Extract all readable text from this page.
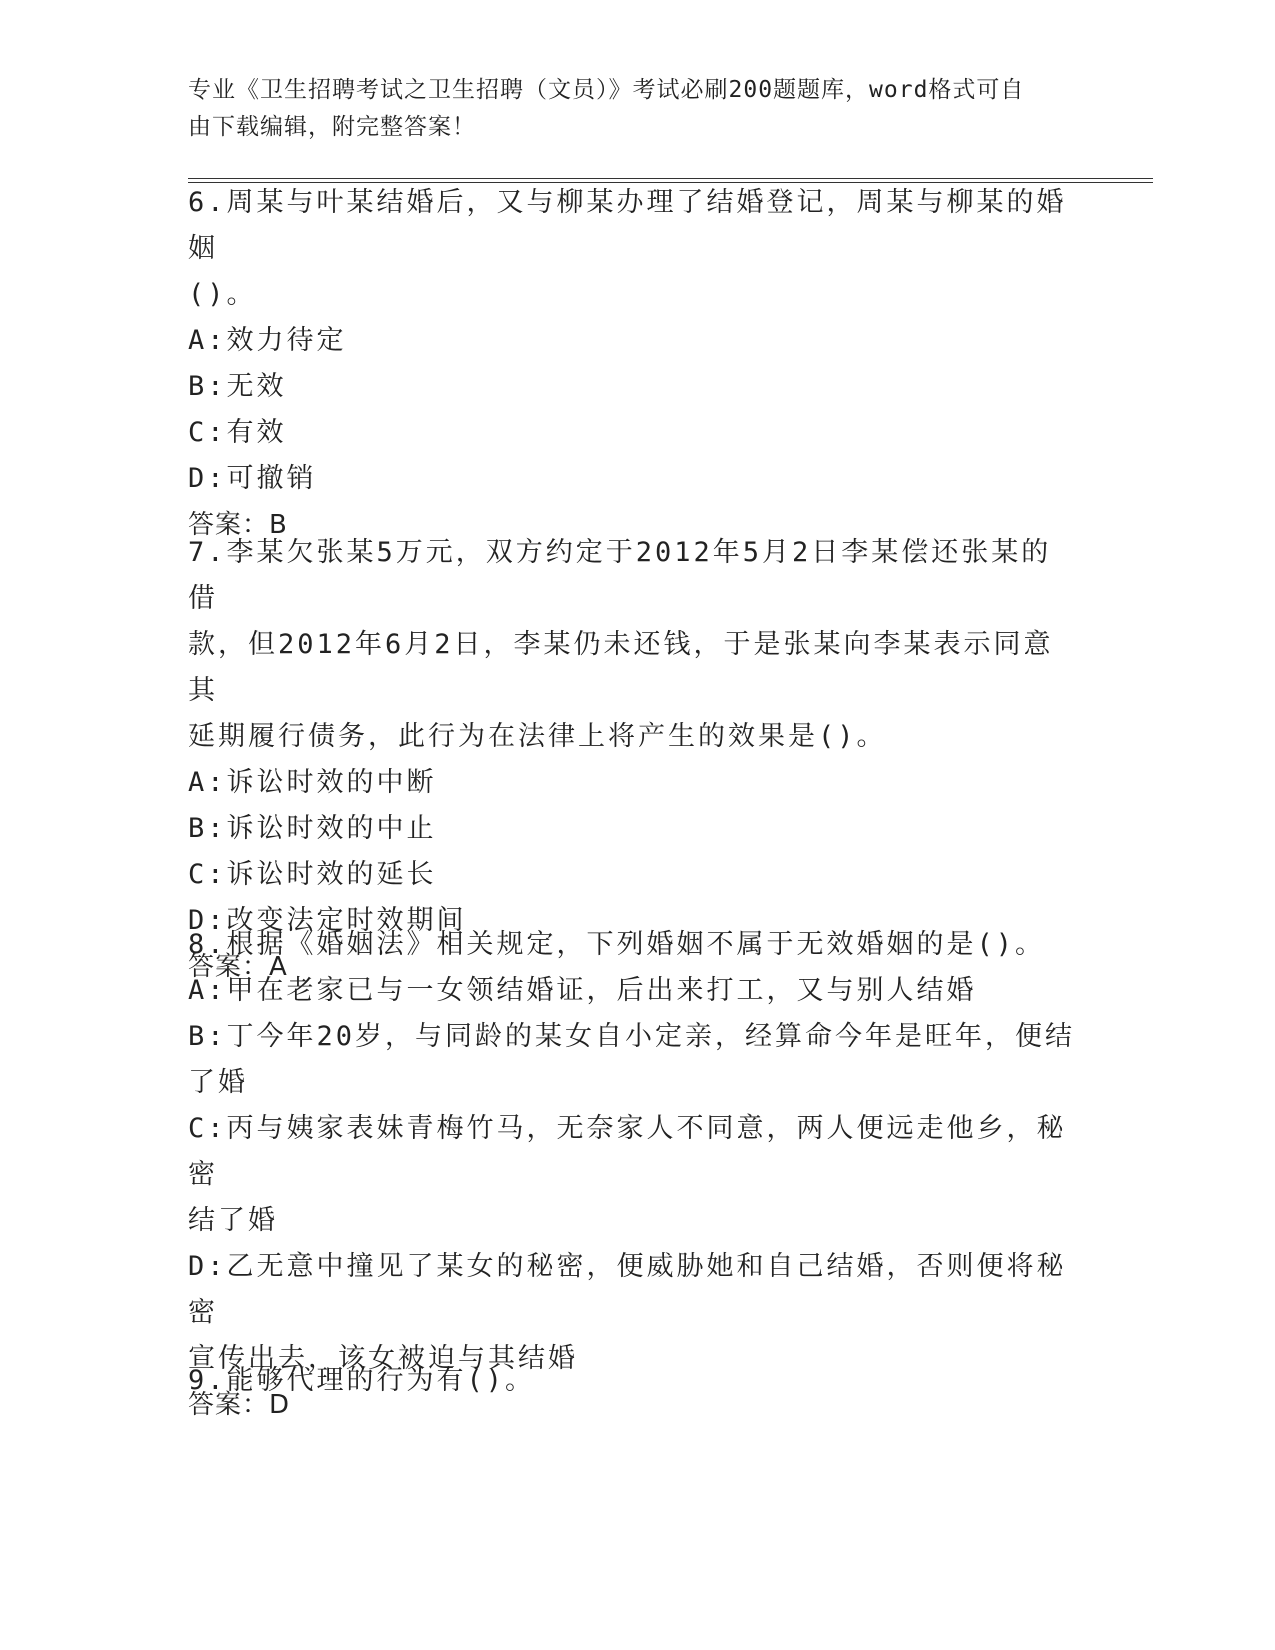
专业《卫生招聘考试之卫生招聘（文员）》考试必刷200题题库，word格式可自
由下载编辑，附完整答案！
6.周某与叶某结婚后，又与柳某办理了结婚登记，周某与柳某的婚姻
()。
A:效力待定
B:无效
C:有效
D:可撤销
答案：B
7.李某欠张某5万元，双方约定于2012年5月2日李某偿还张某的借
款，但2012年6月2日，李某仍未还钱，于是张某向李某表示同意其
延期履行债务，此行为在法律上将产生的效果是()。
A:诉讼时效的中断
B:诉讼时效的中止
C:诉讼时效的延长
D:改变法定时效期间
答案：A
8.根据《婚姻法》相关规定，下列婚姻不属于无效婚姻的是()。
A:甲在老家已与一女领结婚证，后出来打工，又与别人结婚
B:丁今年20岁，与同龄的某女自小定亲，经算命今年是旺年，便结
了婚
C:丙与姨家表妹青梅竹马，无奈家人不同意，两人便远走他乡，秘密
结了婚
D:乙无意中撞见了某女的秘密，便威胁她和自己结婚，否则便将秘密
宣传出去，该女被迫与其结婚
答案：D
9.能够代理的行为有()。
